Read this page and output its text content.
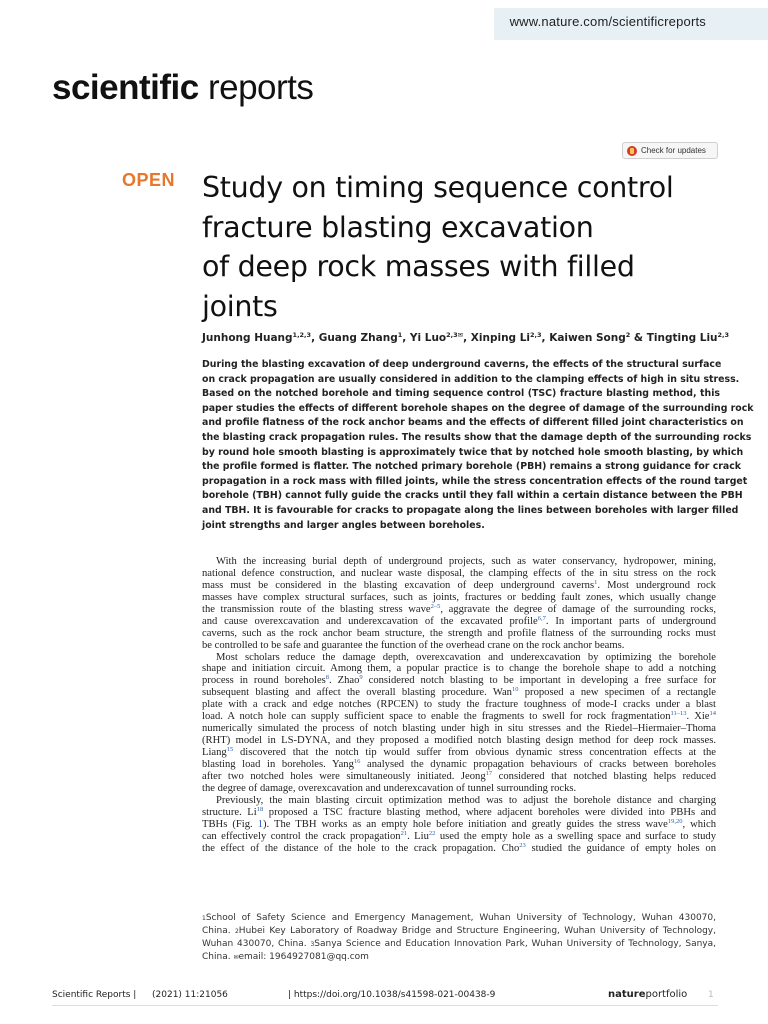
www.nature.com/scientificreports
scientific reports
Check for updates
OPEN Study on timing sequence control
fracture blasting excavation
of deep rock masses with filled
joints
Junhong Huang$^{1,2,3}$, Guang Zhang$^1$, Yi Luo$^{2,3✉}$, Xinping Li$^{2,3}$, Kaiwen Song$^2$ & Tingting Liu$^{2,3}$
During the blasting excavation of deep underground caverns, the effects of the structural surface
on crack propagation are usually considered in addition to the clamping effects of high in situ stress.
Based on the notched borehole and timing sequence control (TSC) fracture blasting method, this
paper studies the effects of different borehole shapes on the degree of damage of the surrounding rock
and profile flatness of the rock anchor beams and the effects of different filled joint characteristics on
the blasting crack propagation rules. The results show that the damage depth of the surrounding rocks
by round hole smooth blasting is approximately twice that by notched hole smooth blasting, by which
the profile formed is flatter. The notched primary borehole (PBH) remains a strong guidance for crack
propagation in a rock mass with filled joints, while the stress concentration effects of the round target
borehole (TBH) cannot fully guide the cracks until they fall within a certain distance between the PBH
and TBH. It is favourable for cracks to propagate along the lines between boreholes with larger filled
joint strengths and larger angles between boreholes.
With the increasing burial depth of underground projects, such as water conservancy, hydropower, mining,
national defence construction, and nuclear waste disposal, the clamping effects of the in situ stress on the rock
mass must be considered in the blasting excavation of deep underground caverns$^1$. Most underground rock
masses have complex structural surfaces, such as joints, fractures or bedding fault zones, which usually change
the transmission route of the blasting stress wave$^{2-5}$, aggravate the degree of damage of the surrounding rocks,
and cause overexcavation and underexcavation of the excavated profile$^{6,7}$. In important parts of underground
caverns, such as the rock anchor beam structure, the strength and profile flatness of the surrounding rocks must
be controlled to be safe and guarantee the function of the overhead crane on the rock anchor beams.
Most scholars reduce the damage depth, overexcavation and underexcavation by optimizing the borehole
shape and initiation circuit. Among them, a popular practice is to change the borehole shape to add a notching
process in round boreholes$^8$. Zhao$^9$ considered notch blasting to be important in developing a free surface for
subsequent blasting and affect the overall blasting procedure. Wan$^{10}$ proposed a new specimen of a rectangle
plate with a crack and edge notches (RPCEN) to study the fracture toughness of mode-I cracks under a blast
load. A notch hole can supply sufficient space to enable the fragments to swell for rock fragmentation$^{11-13}$. Xie$^{14}$
numerically simulated the process of notch blasting under high in situ stresses and the Riedel–Hiermaier–Thoma
(RHT) model in LS-DYNA, and they proposed a modified notch blasting design method for deep rock masses.
Liang$^{15}$ discovered that the notch tip would suffer from obvious dynamic stress concentration effects at the
blasting load in boreholes. Yang$^{16}$ analysed the dynamic propagation behaviours of cracks between boreholes
after two notched holes were simultaneously initiated. Jeong$^{17}$ considered that notched blasting helps reduced
the degree of damage, overexcavation and underexcavation of tunnel surrounding rocks.
Previously, the main blasting circuit optimization method was to adjust the borehole distance and charging
structure. Li$^{18}$ proposed a TSC fracture blasting method, where adjacent boreholes were divided into PBHs and
TBHs (Fig. 1). The TBH works as an empty hole before initiation and greatly guides the stress wave$^{19,20}$, which
can effectively control the crack propagation$^{21}$. Liu$^{22}$ used the empty hole as a swelling space and surface to study
the effect of the distance of the hole to the crack propagation. Cho$^{23}$ studied the guidance of empty holes on
$^1$School of Safety Science and Emergency Management, Wuhan University of Technology, Wuhan 430070,
China. $^2$Hubei Key Laboratory of Roadway Bridge and Structure Engineering, Wuhan University of Technology,
Wuhan 430070, China. $^3$Sanya Science and Education Innovation Park, Wuhan University of Technology, Sanya,
China. ✉email: 1964927081@qq.com
Scientific Reports | (2021) 11:21056	| https://doi.org/10.1038/s41598-021-00438-9	natureportfolio 1
